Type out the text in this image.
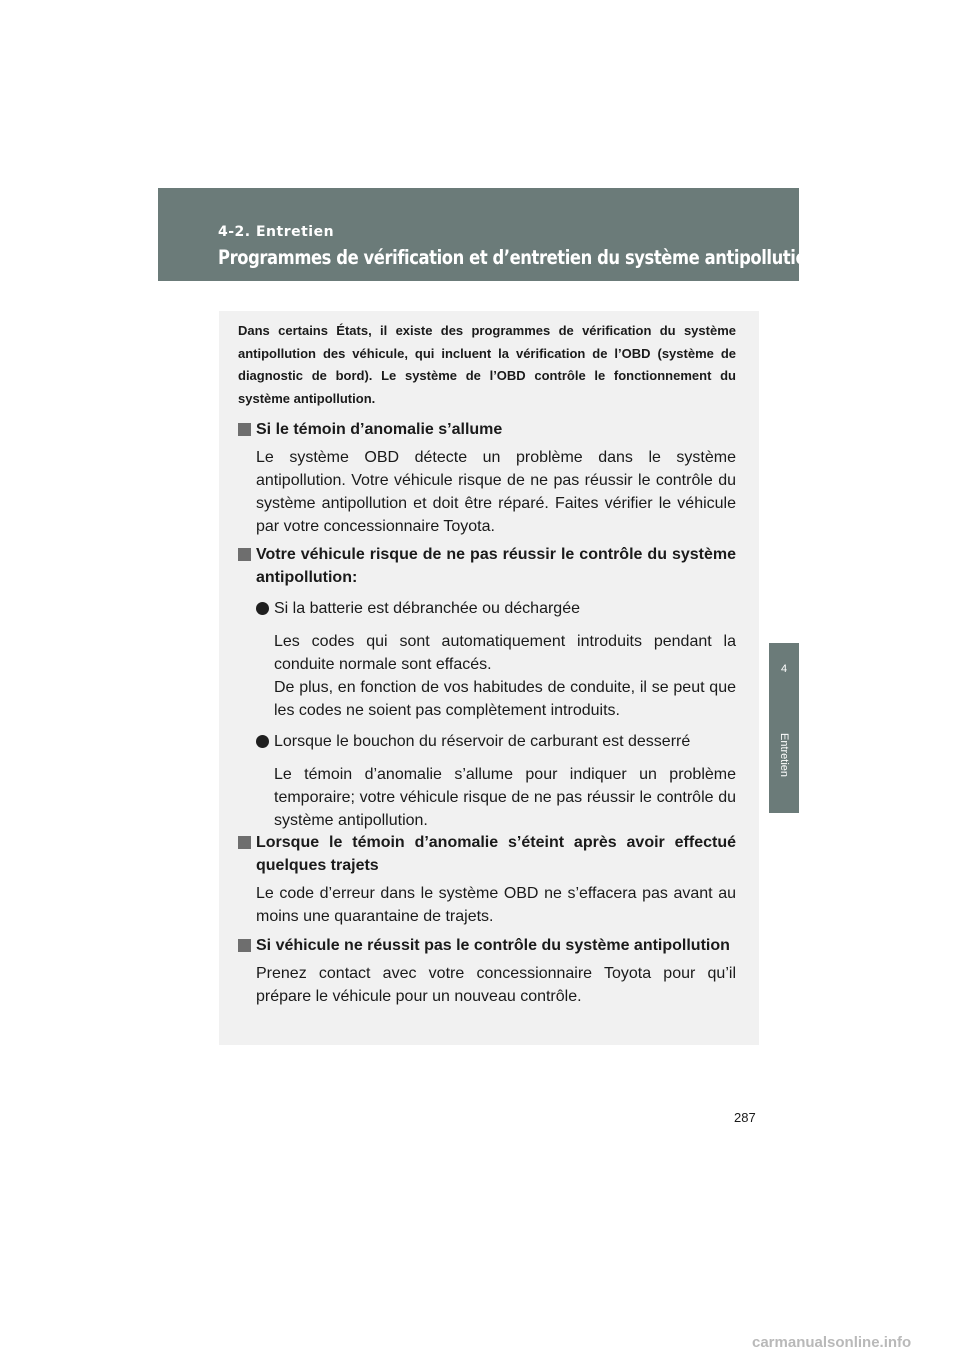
4-2. Entretien
Programmes de vérification et d’entretien du système antipollution
4
Entretien
Dans certains États, il existe des programmes de vérification du système antipollution des véhicule, qui incluent la vérification de l’OBD (système de diagnostic de bord). Le système de l’OBD contrôle le fonctionnement du système antipollution.
Si le témoin d’anomalie s’allume
Le système OBD détecte un problème dans le système antipollution. Votre véhicule risque de ne pas réussir le contrôle du système antipollution et doit être réparé. Faites vérifier le véhicule par votre concessionnaire Toyota.
Votre véhicule risque de ne pas réussir le contrôle du système antipollution:
Si la batterie est débranchée ou déchargée
Les codes qui sont automatiquement introduits pendant la conduite normale sont effacés.
De plus, en fonction de vos habitudes de conduite, il se peut que les codes ne soient pas complètement introduits.
Lorsque le bouchon du réservoir de carburant est desserré
Le témoin d’anomalie s’allume pour indiquer un problème temporaire; votre véhicule risque de ne pas réussir le contrôle du système antipollution.
Lorsque le témoin d’anomalie s’éteint après avoir effectué quelques trajets
Le code d’erreur dans le système OBD ne s’effacera pas avant au moins une quarantaine de trajets.
Si véhicule ne réussit pas le contrôle du système antipollution
Prenez contact avec votre concessionnaire Toyota pour qu’il prépare le véhicule pour un nouveau contrôle.
287
carmanualsonline.info
